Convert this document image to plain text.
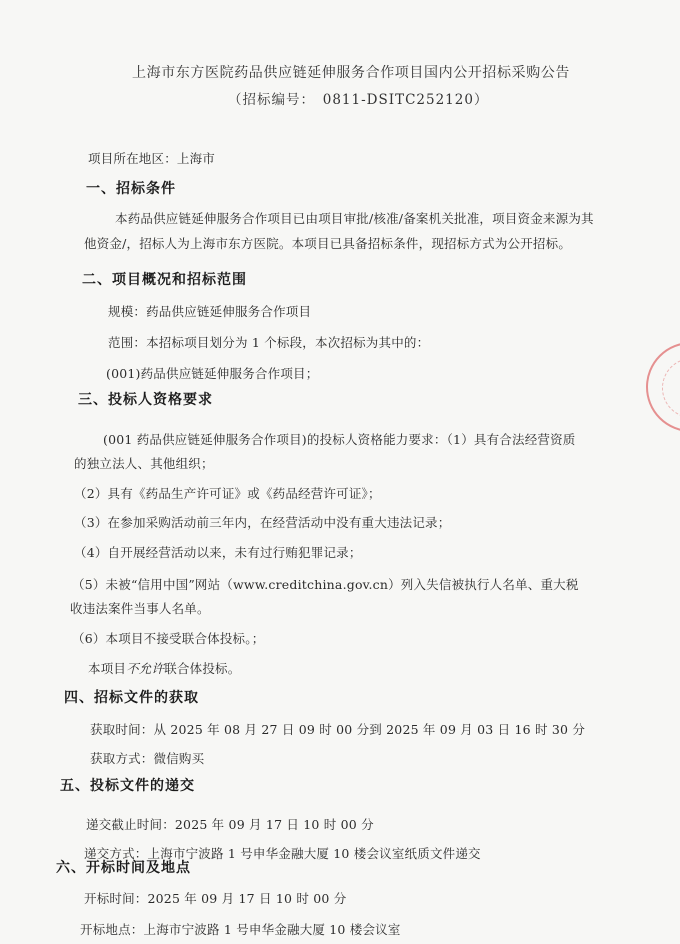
上海市东方医院药品供应链延伸服务合作项目国内公开招标采购公告
（招标编号：　0811-DSITC252120）
项目所在地区：上海市
一、招标条件
本药品供应链延伸服务合作项目已由项目审批/核准/备案机关批准，项目资金来源为其
他资金/，招标人为上海市东方医院。本项目已具备招标条件，现招标方式为公开招标。
二、项目概况和招标范围
规模：药品供应链延伸服务合作项目
范围：本招标项目划分为 1 个标段，本次招标为其中的：
(001)药品供应链延伸服务合作项目；
三、投标人资格要求
(001 药品供应链延伸服务合作项目)的投标人资格能力要求：（1）具有合法经营资质
的独立法人、其他组织；
（2）具有《药品生产许可证》或《药品经营许可证》；
（3）在参加采购活动前三年内，在经营活动中没有重大违法记录；
（4）自开展经营活动以来，未有过行贿犯罪记录；
（5）未被“信用中国”网站（www.creditchina.gov.cn）列入失信被执行人名单、重大税
收违法案件当事人名单。
（6）本项目不接受联合体投标。；
本项目不允许联合体投标。
四、招标文件的获取
获取时间：从 2025 年 08 月 27 日 09 时 00 分到 2025 年 09 月 03 日 16 时 30 分
获取方式：微信购买
五、投标文件的递交
递交截止时间：2025 年 09 月 17 日 10 时 00 分
递交方式：上海市宁波路 1 号申华金融大厦 10 楼会议室纸质文件递交
六、开标时间及地点
开标时间：2025 年 09 月 17 日 10 时 00 分
开标地点：上海市宁波路 1 号申华金融大厦 10 楼会议室
